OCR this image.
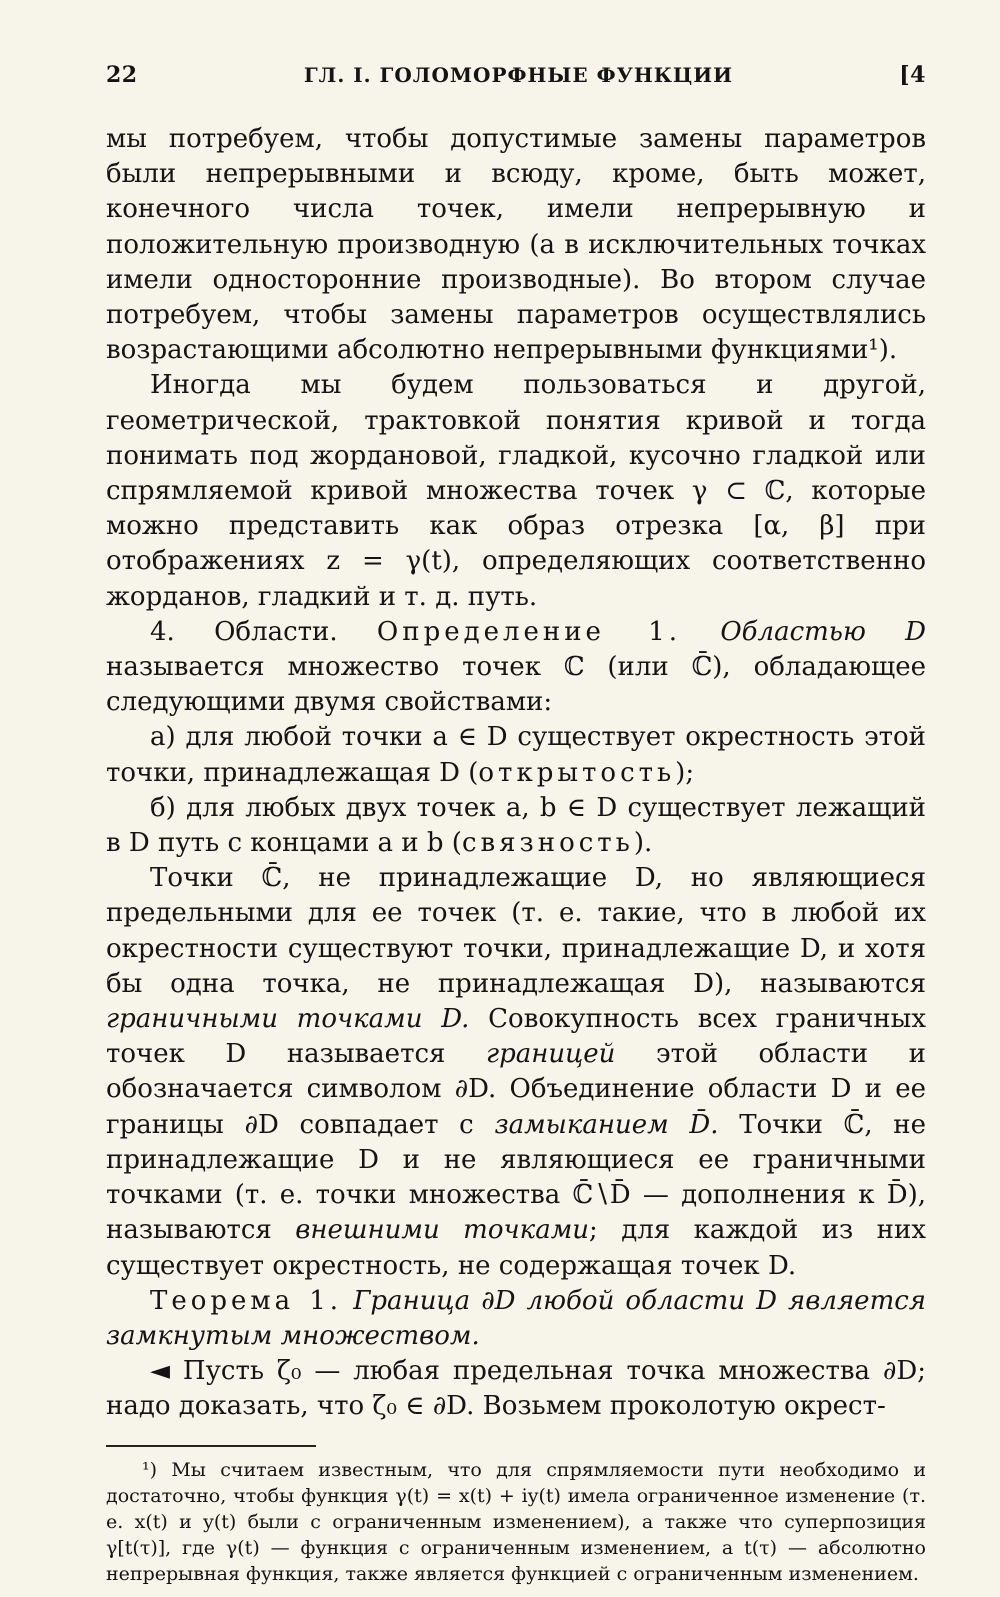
22	ГЛ. I. ГОЛОМОРФНЫЕ ФУНКЦИИ	[4

мы потребуем, чтобы допустимые замены параметров были непрерывными и всюду, кроме, быть может, конечного числа точек, имели непрерывную и положительную производную (а в исключительных точках имели односторонние производные). Во втором случае потребуем, чтобы замены параметров осуществлялись возрастающими абсолютно непрерывными функциями¹).

Иногда мы будем пользоваться и другой, геометрической, трактовкой понятия кривой и тогда понимать под жордановой, гладкой, кусочно гладкой или спрямляемой кривой множества точек γ ⊂ ℂ, которые можно представить как образ отрезка [α, β] при отображениях z = γ(t), определяющих соответственно жорданов, гладкий и т. д. путь.

4. Области. Определение 1. Областью D называется множество точек ℂ (или ℂ̄), обладающее следующими двумя свойствами:

а) для любой точки a ∈ D существует окрестность этой точки, принадлежащая D (открытость);

б) для любых двух точек a, b ∈ D существует лежащий в D путь с концами a и b (связность).

Точки ℂ̄, не принадлежащие D, но являющиеся предельными для ее точек (т. е. такие, что в любой их окрестности существуют точки, принадлежащие D, и хотя бы одна точка, не принадлежащая D), называются граничными точками D. Совокупность всех граничных точек D называется границей этой области и обозначается символом ∂D. Объединение области D и ее границы ∂D совпадает с замыканием D̄. Точки ℂ̄, не принадлежащие D и не являющиеся ее граничными точками (т. е. точки множества ℂ̄∖D̄ — дополнения к D̄), называются внешними точками; для каждой из них существует окрестность, не содержащая точек D.

Теорема 1. Граница ∂D любой области D является замкнутым множеством.

◄ Пусть ζ₀ — любая предельная точка множества ∂D; надо доказать, что ζ₀ ∈ ∂D. Возьмем проколотую окрест-

¹) Мы считаем известным, что для спрямляемости пути необходимо и достаточно, чтобы функция γ(t) = x(t) + iy(t) имела ограниченное изменение (т. е. x(t) и y(t) были с ограниченным изменением), а также что суперпозиция γ[t(τ)], где γ(t) — функция с ограниченным изменением, а t(τ) — абсолютно непрерывная функция, также является функцией с ограниченным изменением.
